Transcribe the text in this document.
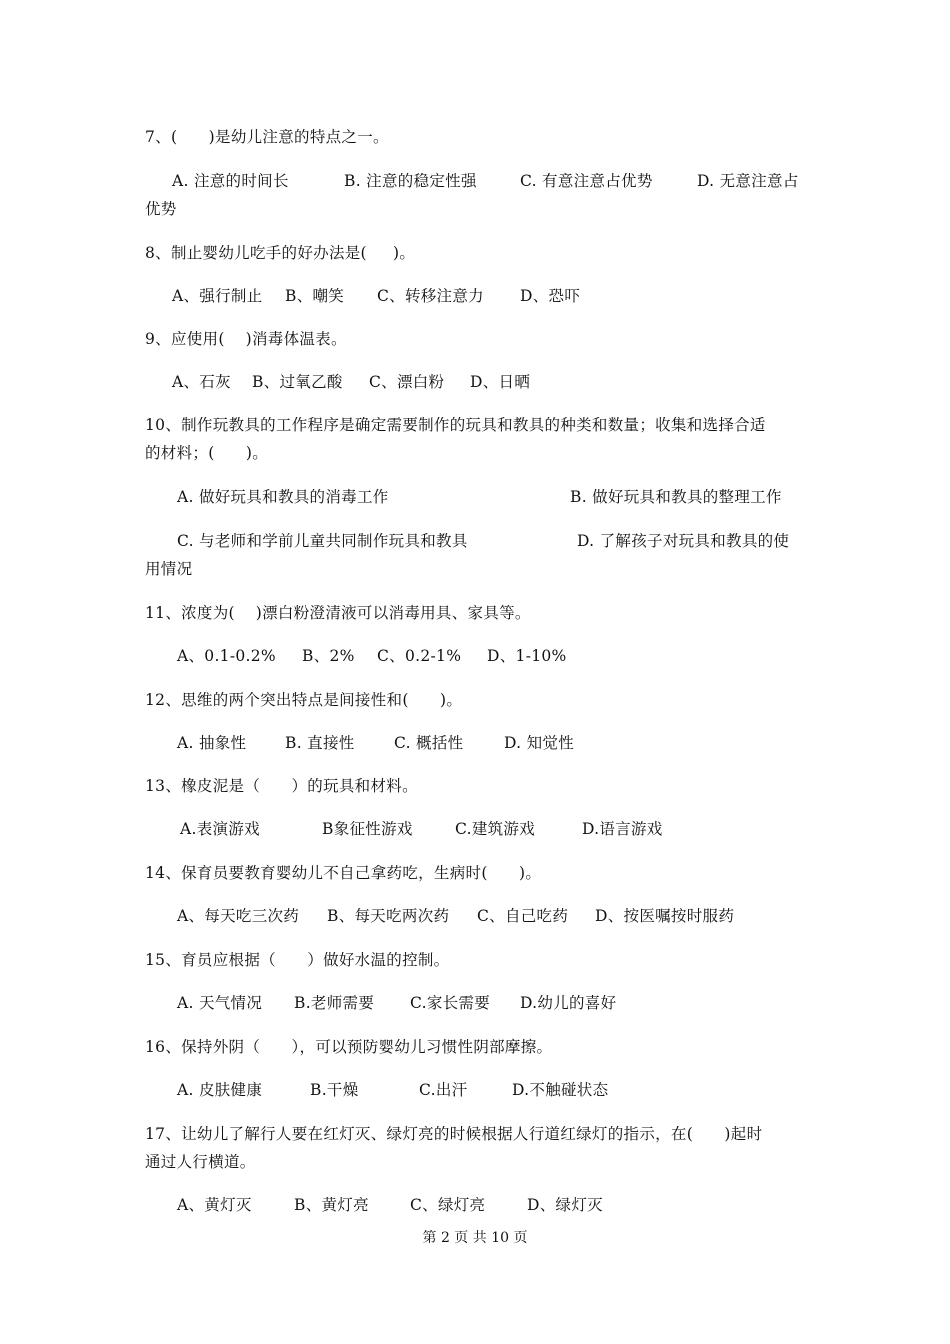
7、(      )是幼儿注意的特点之一。

A. 注意的时间长

	B. 注意的稳定性强

	C. 有意注意占优势

	D. 无意注意占

优势
8、制止婴幼儿吃手的好办法是(     )。

A、强行制止

B、嘲笑

C、转移注意力

D、恐吓

9、应使用(    )消毒体温表。

A、石灰

B、过氧乙酸

C、漂白粉

D、日晒

10、制作玩教具的工作程序是确定需要制作的玩具和教具的种类和数量；收集和选择合适
的材料；(      )。

A. 做好玩具和教具的消毒工作

	B. 做好玩具和教具的整理工作

C. 与老师和学前儿童共同制作玩具和教具

	D. 了解孩子对玩具和教具的使

用情况
11、浓度为(    )漂白粉澄清液可以消毒用具、家具等。

A、0.1-0.2%

B、2%

C、0.2-1%

D、1-10%

12、思维的两个突出特点是间接性和(      )。

A. 抽象性

B. 直接性

	C. 概括性

	D. 知觉性

13、橡皮泥是（      ）的玩具和材料。

A.表演游戏

	B象征性游戏

	C.建筑游戏

	D.语言游戏

14、保育员要教育婴幼儿不自己拿药吃，生病时(      )。

A、每天吃三次药

B、每天吃两次药

C、自己吃药

D、按医嘱按时服药

15、育员应根据（      ）做好水温的控制。

A. 天气情况

B.老师需要

C.家长需要

D.幼儿的喜好

16、保持外阴（      ），可以预防婴幼儿习惯性阴部摩擦。

A. 皮肤健康

	B.干燥

	C.出汗

	D.不触碰状态

17、让幼儿了解行人要在红灯灭、绿灯亮的时候根据人行道红绿灯的指示，在(      )起时
通过人行横道。

A、黄灯灭

	B、黄灯亮

	C、绿灯亮

	D、绿灯灭

第 2 页 共 10 页
